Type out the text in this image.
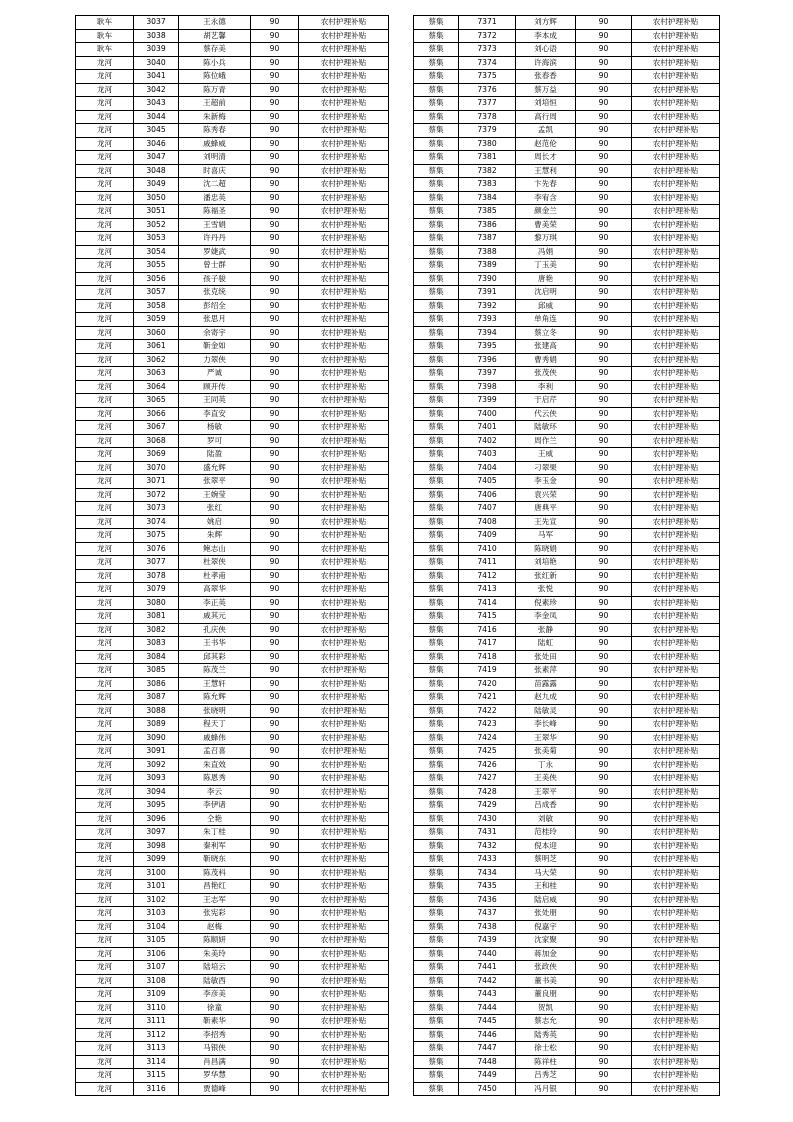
耿车	3037	王永德	90	农村护理补贴
耿车	3038	胡艺馨	90	农村护理补贴
耿车	3039	蔡存美	90	农村护理补贴
龙河	3040	陈小兵	90	农村护理补贴
龙河	3041	陈位峨	90	农村护理补贴
龙河	3042	陈万青	90	农村护理补贴
龙河	3043	王超前	90	农村护理补贴
龙河	3044	朱新梅	90	农村护理补贴
龙河	3045	陈秀春	90	农村护理补贴
龙河	3046	戚蜂威	90	农村护理补贴
龙河	3047	刘明清	90	农村护理补贴
龙河	3048	时喜庆	90	农村护理补贴
龙河	3049	沈二超	90	农村护理补贴
龙河	3050	潘忠英	90	农村护理补贴
龙河	3051	陈福圣	90	农村护理补贴
龙河	3052	王雪娟	90	农村护理补贴
龙河	3053	许丹丹	90	农村护理补贴
龙河	3054	罗婕武	90	农村护理补贴
龙河	3055	曾士群	90	农村护理补贴
龙河	3056	孩子骏	90	农村护理补贴
龙河	3057	张克统	90	农村护理补贴
龙河	3058	彭绍全	90	农村护理补贴
龙河	3059	张思月	90	农村护理补贴
龙河	3060	余寄宇	90	农村护理补贴
龙河	3061	靳金如	90	农村护理补贴
龙河	3062	力翠侠	90	农村护理补贴
龙河	3063	严诚	90	农村护理补贴
龙河	3064	顾开传	90	农村护理补贴
龙河	3065	王同英	90	农村护理补贴
龙河	3066	李直安	90	农村护理补贴
龙河	3067	杨敏	90	农村护理补贴
龙河	3068	罗可	90	农村护理补贴
龙河	3069	陆盈	90	农村护理补贴
龙河	3070	盛允辉	90	农村护理补贴
龙河	3071	张翠平	90	农村护理补贴
龙河	3072	王婉莹	90	农村护理补贴
龙河	3073	张红	90	农村护理补贴
龙河	3074	姚启	90	农村护理补贴
龙河	3075	朱辉	90	农村护理补贴
龙河	3076	鲍志山	90	农村护理补贴
龙河	3077	杜翠侠	90	农村护理补贴
龙河	3078	杜孝甫	90	农村护理补贴
龙河	3079	高翠华	90	农村护理补贴
龙河	3080	李正英	90	农村护理补贴
龙河	3081	戚其元	90	农村护理补贴
龙河	3082	孔庆侠	90	农村护理补贴
龙河	3083	王书华	90	农村护理补贴
龙河	3084	邱其彩	90	农村护理补贴
龙河	3085	陈茂兰	90	农村护理补贴
龙河	3086	王慧轩	90	农村护理补贴
龙河	3087	陈允辉	90	农村护理补贴
龙河	3088	张晓明	90	农村护理补贴
龙河	3089	程天丁	90	农村护理补贴
龙河	3090	戚蜂伟	90	农村护理补贴
龙河	3091	孟召喜	90	农村护理补贴
龙河	3092	朱直效	90	农村护理补贴
龙河	3093	陈恩秀	90	农村护理补贴
龙河	3094	李云	90	农村护理补贴
龙河	3095	李伊诸	90	农村护理补贴
龙河	3096	仝艳	90	农村护理补贴
龙河	3097	朱丁桂	90	农村护理补贴
龙河	3098	秦利军	90	农村护理补贴
龙河	3099	靳晓东	90	农村护理补贴
龙河	3100	陈茂科	90	农村护理补贴
龙河	3101	昌艳红	90	农村护理补贴
龙河	3102	王志军	90	农村护理补贴
龙河	3103	张宪彩	90	农村护理补贴
龙河	3104	赵梅	90	农村护理补贴
龙河	3105	陈顺妍	90	农村护理补贴
龙河	3106	朱美玲	90	农村护理补贴
龙河	3107	陆培云	90	农村护理补贴
龙河	3108	陆敏西	90	农村护理补贴
龙河	3109	李彦美	90	农村护理补贴
龙河	3110	徐童	90	农村护理补贴
龙河	3111	靳素华	90	农村护理补贴
龙河	3112	李招秀	90	农村护理补贴
龙河	3113	马银侠	90	农村护理补贴
龙河	3114	肖昌满	90	农村护理补贴
龙河	3115	罗华慧	90	农村护理补贴
龙河	3116	贾德峰	90	农村护理补贴
蔡集	7371	刘方辉	90	农村护理补贴
蔡集	7372	李本成	90	农村护理补贴
蔡集	7373	刘心语	90	农村护理补贴
蔡集	7374	许海滨	90	农村护理补贴
蔡集	7375	张春香	90	农村护理补贴
蔡集	7376	蔡万益	90	农村护理补贴
蔡集	7377	刘培恒	90	农村护理补贴
蔡集	7378	高行周	90	农村护理补贴
蔡集	7379	孟凯	90	农村护理补贴
蔡集	7380	赵范伦	90	农村护理补贴
蔡集	7381	周长才	90	农村护理补贴
蔡集	7382	王慧利	90	农村护理补贴
蔡集	7383	卞先春	90	农村护理补贴
蔡集	7384	李宥含	90	农村护理补贴
蔡集	7385	颜金兰	90	农村护理补贴
蔡集	7386	曹美荣	90	农村护理补贴
蔡集	7387	黎万琪	90	农村护理补贴
蔡集	7388	冯娟	90	农村护理补贴
蔡集	7389	丁玉美	90	农村护理补贴
蔡集	7390	唐艳	90	农村护理补贴
蔡集	7391	沈启明	90	农村护理补贴
蔡集	7392	邱威	90	农村护理补贴
蔡集	7393	单角连	90	农村护理补贴
蔡集	7394	蔡立冬	90	农村护理补贴
蔡集	7395	张建高	90	农村护理补贴
蔡集	7396	曹秀娟	90	农村护理补贴
蔡集	7397	张茂侠	90	农村护理补贴
蔡集	7398	李利	90	农村护理补贴
蔡集	7399	于启芹	90	农村护理补贴
蔡集	7400	代云侠	90	农村护理补贴
蔡集	7401	陆敏环	90	农村护理补贴
蔡集	7402	周作兰	90	农村护理补贴
蔡集	7403	王威	90	农村护理补贴
蔡集	7404	刁翠果	90	农村护理补贴
蔡集	7405	李玉金	90	农村护理补贴
蔡集	7406	袁兴荣	90	农村护理补贴
蔡集	7407	唐典平	90	农村护理补贴
蔡集	7408	王先宣	90	农村护理补贴
蔡集	7409	马军	90	农村护理补贴
蔡集	7410	陈晓娟	90	农村护理补贴
蔡集	7411	刘培艳	90	农村护理补贴
蔡集	7412	张红新	90	农村护理补贴
蔡集	7413	张悦	90	农村护理补贴
蔡集	7414	倪素珍	90	农村护理补贴
蔡集	7415	李金凤	90	农村护理补贴
蔡集	7416	张静	90	农村护理补贴
蔡集	7417	陆虹	90	农村护理补贴
蔡集	7418	张处田	90	农村护理补贴
蔡集	7419	张素萍	90	农村护理补贴
蔡集	7420	苗露露	90	农村护理补贴
蔡集	7421	赵九成	90	农村护理补贴
蔡集	7422	陆敏灵	90	农村护理补贴
蔡集	7423	李长峰	90	农村护理补贴
蔡集	7424	王翠华	90	农村护理补贴
蔡集	7425	张美菊	90	农村护理补贴
蔡集	7426	丁永	90	农村护理补贴
蔡集	7427	王美侠	90	农村护理补贴
蔡集	7428	王翠平	90	农村护理补贴
蔡集	7429	吕成香	90	农村护理补贴
蔡集	7430	刘敏	90	农村护理补贴
蔡集	7431	范桂玲	90	农村护理补贴
蔡集	7432	倪本迎	90	农村护理补贴
蔡集	7433	蔡明芝	90	农村护理补贴
蔡集	7434	马大荣	90	农村护理补贴
蔡集	7435	王和桂	90	农村护理补贴
蔡集	7436	陆启威	90	农村护理补贴
蔡集	7437	张处朋	90	农村护理补贴
蔡集	7438	倪嘉宇	90	农村护理补贴
蔡集	7439	沈家聚	90	农村护理补贴
蔡集	7440	蒋加金	90	农村护理补贴
蔡集	7441	张政侠	90	农村护理补贴
蔡集	7442	董书美	90	农村护理补贴
蔡集	7443	董良朋	90	农村护理补贴
蔡集	7444	贺凯	90	农村护理补贴
蔡集	7445	蔡志允	90	农村护理补贴
蔡集	7446	陆秀英	90	农村护理补贴
蔡集	7447	徐士松	90	农村护理补贴
蔡集	7448	陈祥柱	90	农村护理补贴
蔡集	7449	吕秀芝	90	农村护理补贴
蔡集	7450	冯月银	90	农村护理补贴
